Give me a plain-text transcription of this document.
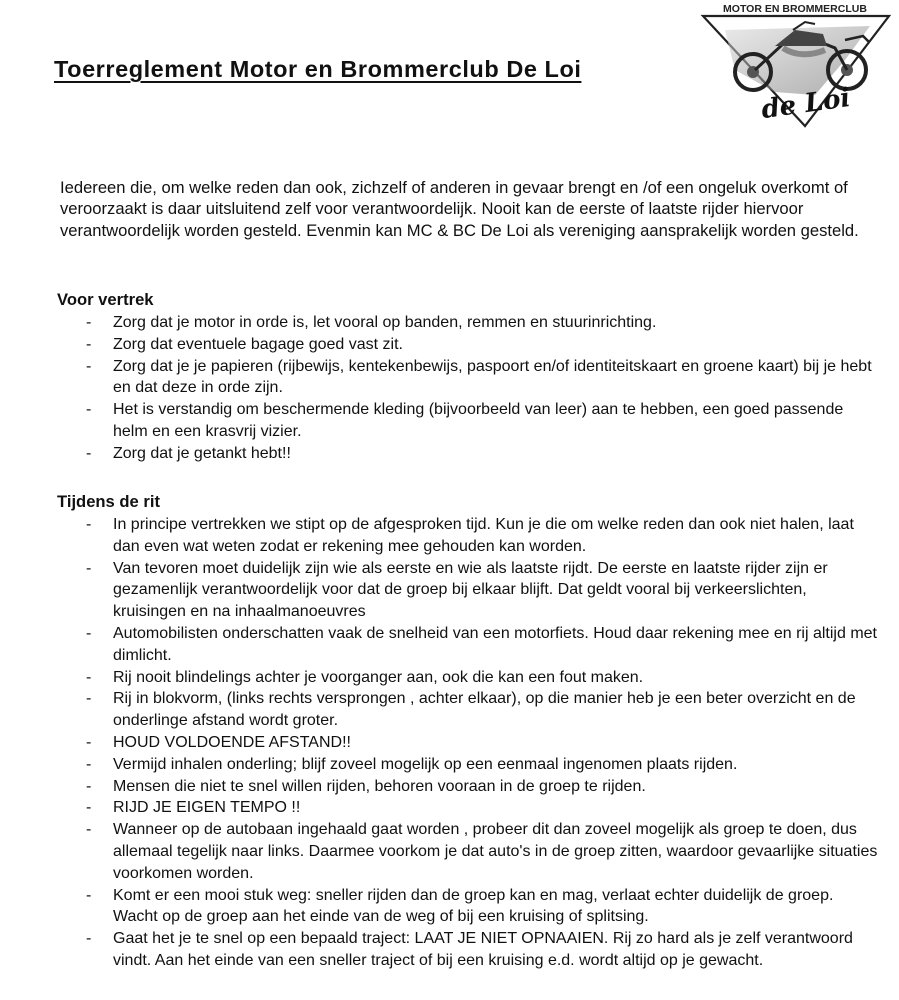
Toerreglement Motor en Brommerclub De Loi
MOTOR EN BROMMERCLUB
de Loi

Iedereen die, om welke reden dan ook, zichzelf of anderen in gevaar brengt en /of een ongeluk overkomt of veroorzaakt is daar uitsluitend zelf voor verantwoordelijk. Nooit kan de eerste of laatste rijder hiervoor verantwoordelijk worden gesteld. Evenmin kan MC & BC De Loi als vereniging aansprakelijk worden gesteld.

Voor vertrek
- Zorg dat je motor in orde is, let vooral op banden, remmen en stuurinrichting.
- Zorg dat eventuele bagage goed vast zit.
- Zorg dat je je papieren (rijbewijs, kentekenbewijs, paspoort en/of identiteitskaart en groene kaart) bij je hebt en dat deze in orde zijn.
- Het is verstandig om beschermende kleding (bijvoorbeeld van leer) aan te hebben, een goed passende helm en een krasvrij vizier.
- Zorg dat je getankt hebt!!
Tijdens de rit
- In principe vertrekken we stipt op de afgesproken tijd. Kun je die om welke reden dan ook niet halen, laat dan even wat weten zodat er rekening mee gehouden kan worden.
- Van tevoren moet duidelijk zijn wie als eerste en wie als laatste rijdt. De eerste en laatste rijder zijn er gezamenlijk verantwoordelijk voor dat de groep bij elkaar blijft. Dat geldt vooral bij verkeerslichten, kruisingen en na inhaalmanoeuvres
- Automobilisten onderschatten vaak de snelheid van een motorfiets. Houd daar rekening mee en rij altijd met dimlicht.
- Rij nooit blindelings achter je voorganger aan, ook die kan een fout maken.
- Rij in blokvorm, (links rechts versprongen , achter elkaar), op die manier heb je een beter overzicht en de onderlinge afstand wordt groter.
- HOUD VOLDOENDE AFSTAND!!
- Vermijd inhalen onderling; blijf zoveel mogelijk op een eenmaal ingenomen plaats rijden.
- Mensen die niet te snel willen rijden, behoren vooraan in de groep te rijden.
- RIJD JE EIGEN TEMPO !!
- Wanneer op de autobaan ingehaald gaat worden , probeer dit dan zoveel mogelijk als groep te doen, dus allemaal tegelijk naar links. Daarmee voorkom je dat auto's in de groep zitten, waardoor gevaarlijke situaties voorkomen worden.
- Komt er een mooi stuk weg: sneller rijden dan de groep kan en mag, verlaat echter duidelijk de groep. Wacht op de groep aan het einde van de weg of bij een kruising of splitsing.
- Gaat het je te snel op een bepaald traject: LAAT JE NIET OPNAAIEN. Rij zo hard als je zelf verantwoord vindt. Aan het einde van een sneller traject of bij een kruising e.d. wordt altijd op je gewacht.
